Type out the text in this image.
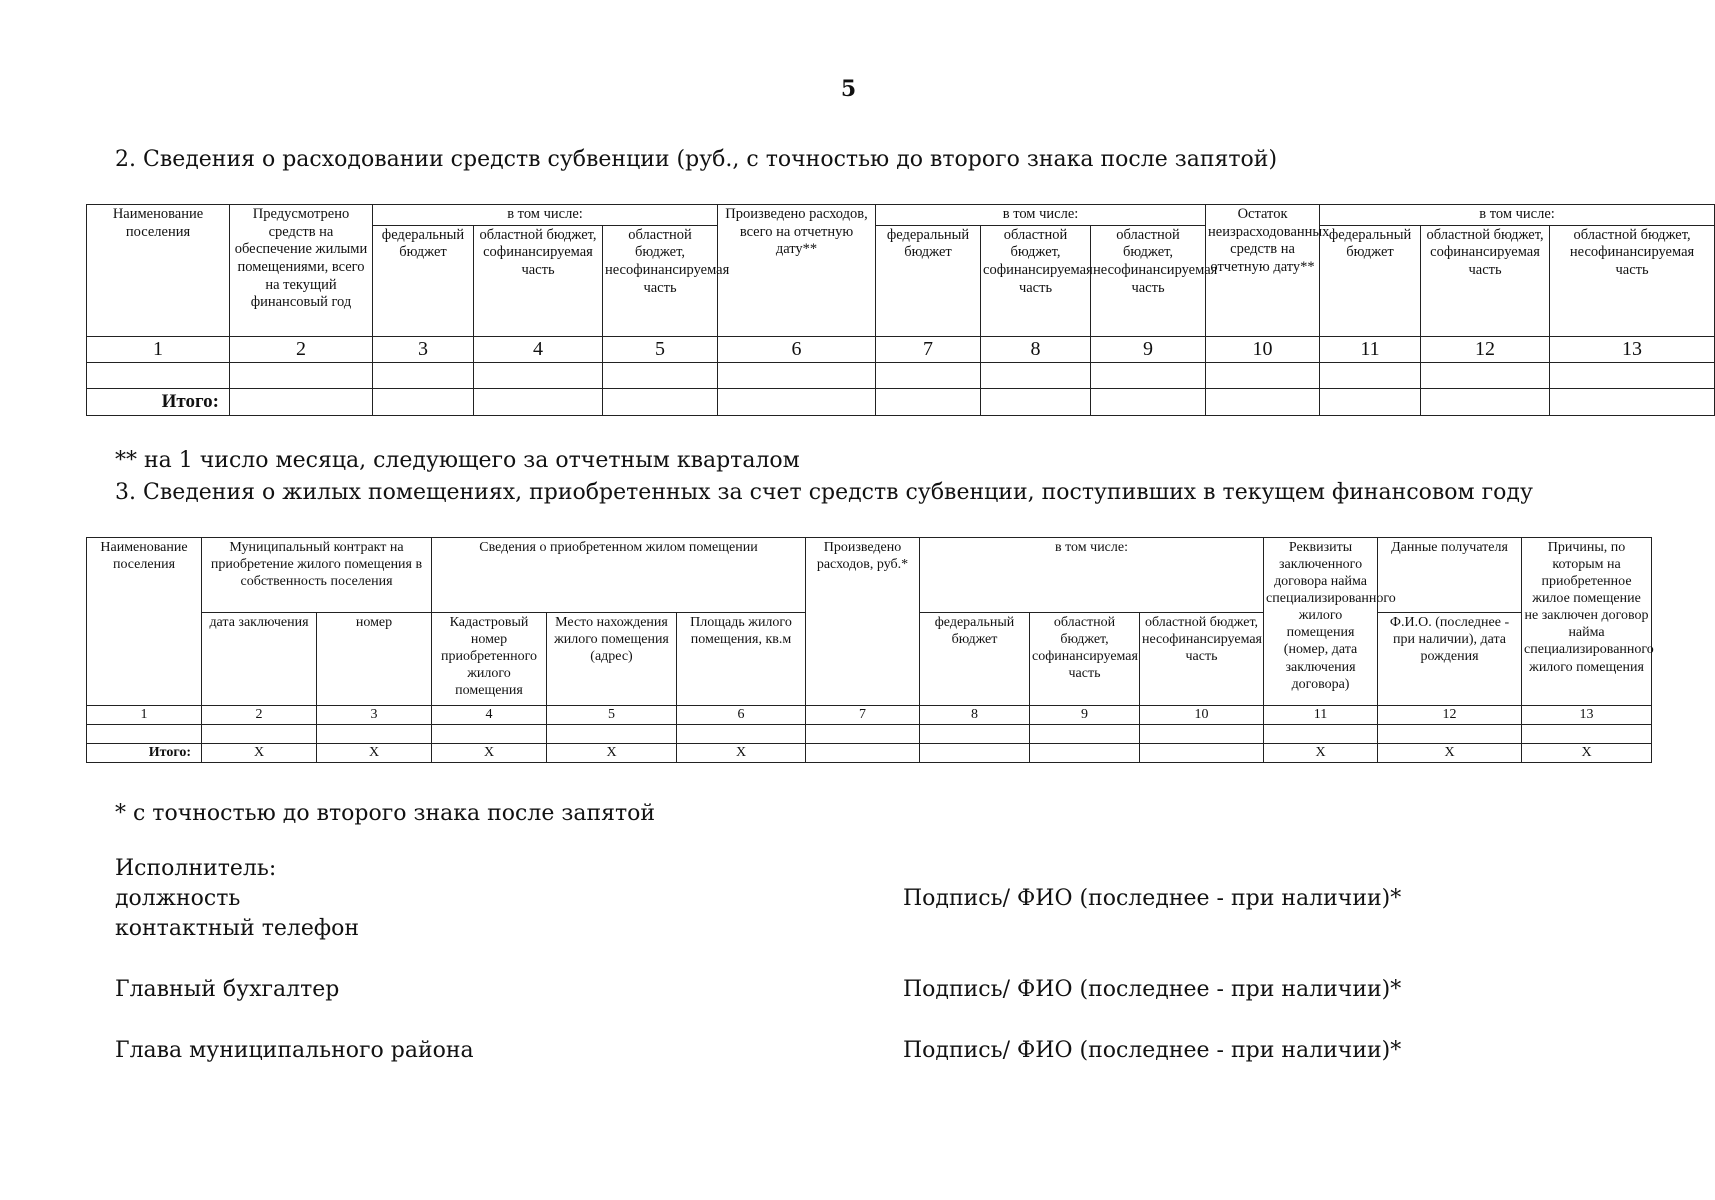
5
2. Сведения о расходовании средств субвенции (руб., с точностью до второго знака после запятой)
Наименование поселения	Предусмотрено средств на обеспечение жилыми помещениями, всего на текущий финансовый год	в том числе:			Произведено расходов, всего на отчетную дату**	в том числе:			Остаток неизрасходованных средств на отчетную дату**	в том числе:		
		федеральный бюджет	областной бюджет, софинансируемая часть	областной бюджет, несофинансируемая часть		федеральный бюджет	областной бюджет, софинансируемая часть	областной бюджет, несофинансируемая часть		федеральный бюджет	областной бюджет, софинансируемая часть	областной бюджет, несофинансируемая часть
1	2	3	4	5	6	7	8	9	10	11	12	13

Итого:												
** на 1 число месяца, следующего за отчетным кварталом
3. Сведения о жилых помещениях, приобретенных за счет средств субвенции, поступивших в текущем финансовом году
Наименование поселения	Муниципальный контракт на приобретение жилого помещения в собственность поселения		Сведения о приобретенном жилом помещении			Произведено расходов, руб.*	в том числе:			Реквизиты заключенного договора найма специализированного жилого помещения (номер, дата заключения договора)	Данные получателя	Причины, по которым на приобретенное жилое помещение не заключен договор найма специализированного жилого помещения
	дата заключения	номер	Кадастровый номер приобретенного жилого помещения	Место нахождения жилого помещения (адрес)	Площадь жилого помещения, кв.м		федеральный бюджет	областной бюджет, софинансируемая часть	областной бюджет, несофинансируемая часть		Ф.И.О. (последнее - при наличии), дата рождения	
1	2	3	4	5	6	7	8	9	10	11	12	13

Итого:	X	X	X	X	X					X	X	X
* с точностью до второго знака после запятой
Исполнитель:
должность
контактный телефон
Подпись/ ФИО (последнее - при наличии)*
Главный бухгалтер	Подпись/ ФИО (последнее - при наличии)*
Глава муниципального района	Подпись/ ФИО (последнее - при наличии)*
